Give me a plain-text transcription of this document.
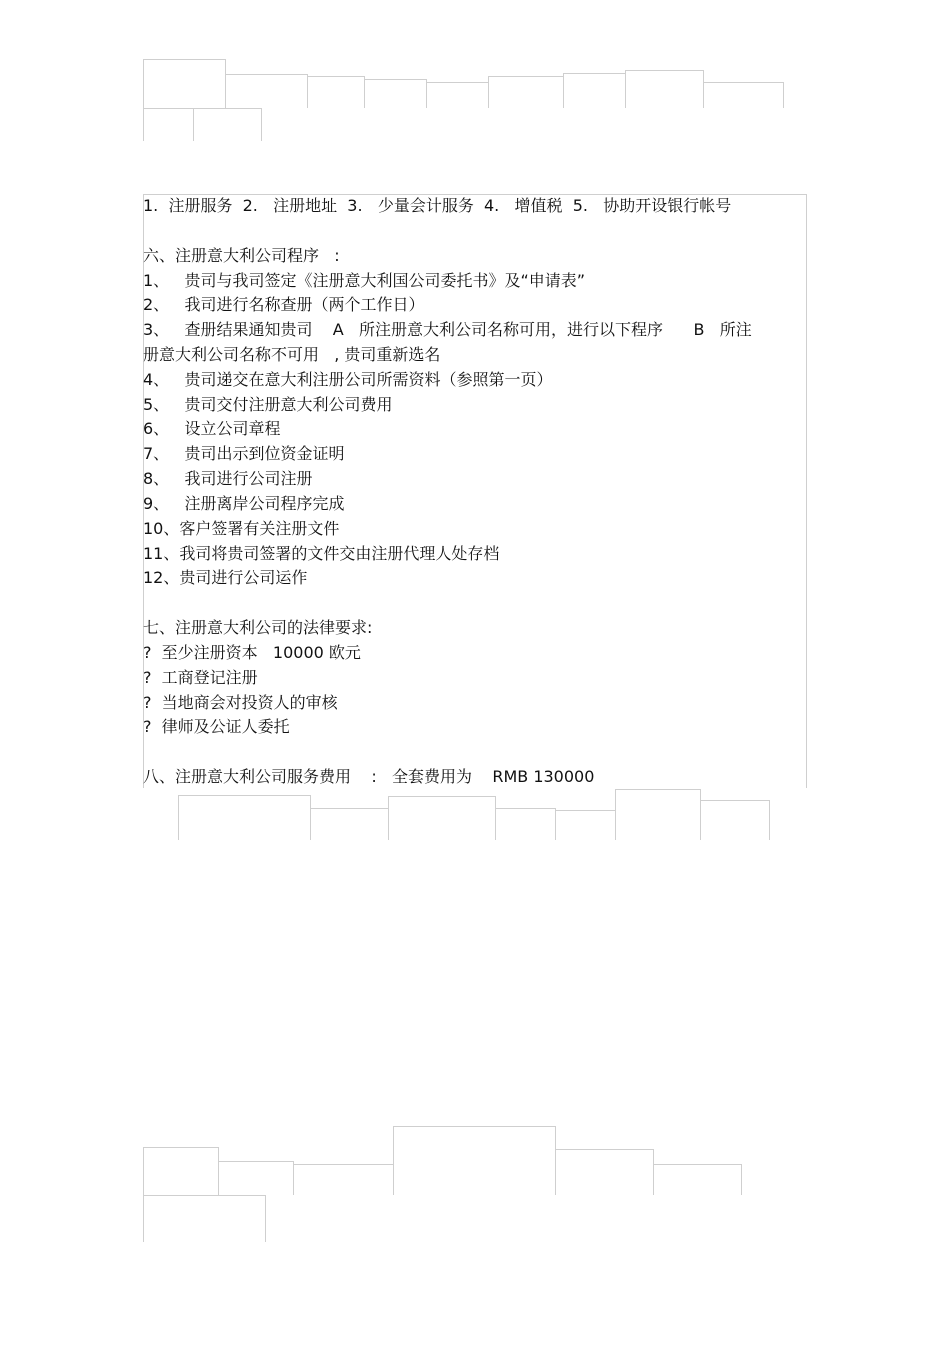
1.  注册服务  2.   注册地址  3.   少量会计服务  4.   增值税  5.   协助开设银行帐号
六、注册意大利公司程序   :
1、   贵司与我司签定《注册意大利国公司委托书》及“申请表”
2、   我司进行名称查册（两个工作日）
3、   查册结果通知贵司    A   所注册意大利公司名称可用，进行以下程序      B   所注
册意大利公司名称不可用   , 贵司重新选名
4、   贵司递交在意大利注册公司所需资料（参照第一页）
5、   贵司交付注册意大利公司费用
6、   设立公司章程
7、   贵司出示到位资金证明
8、   我司进行公司注册
9、   注册离岸公司程序完成
10、客户签署有关注册文件
11、我司将贵司签署的文件交由注册代理人处存档
12、贵司进行公司运作
七、注册意大利公司的法律要求:
?  至少注册资本   10000 欧元
?  工商登记注册
?  当地商会对投资人的审核
?  律师及公证人委托
八、注册意大利公司服务费用    :   全套费用为    RMB 130000
